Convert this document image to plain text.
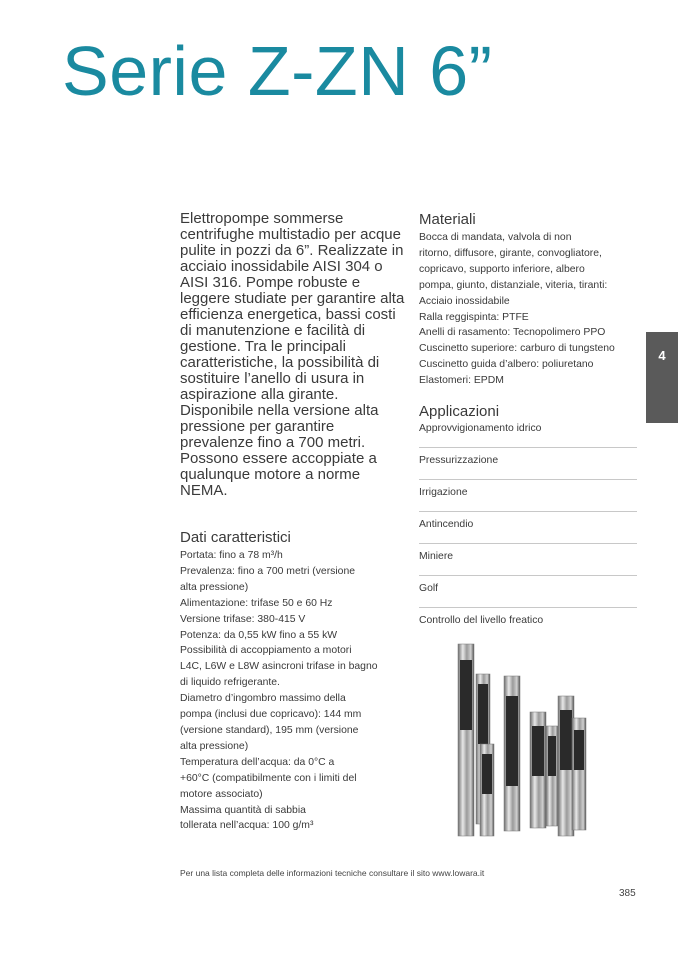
Serie Z-ZN 6”
Elettropompe sommerse centrifughe multistadio per acque pulite in pozzi da 6”. Realizzate in acciaio inossidabile AISI 304 o AISI 316. Pompe robuste e leggere studiate per garantire alta efficienza energetica, bassi costi di manutenzione e facilità di gestione. Tra le principali caratteristiche, la possibilità di sostituire l’anello di usura in aspirazione alla girante. Disponibile nella versione alta pressione per garantire prevalenze fino a 700 metri. Possono essere accoppiate a qualunque motore a norme NEMA.
Dati caratteristici
Portata: fino a 78 m³/h
Prevalenza: fino a 700 metri (versione
alta pressione)
Alimentazione: trifase 50 e 60 Hz
Versione trifase: 380-415 V
Potenza: da 0,55 kW fino a 55 kW
Possibilità di accoppiamento a motori
L4C, L6W e L8W asincroni trifase in bagno
di liquido refrigerante.
Diametro d’ingombro massimo della
pompa (inclusi due copricavo): 144 mm
(versione standard), 195 mm (versione
alta pressione)
Temperatura dell’acqua: da 0°C a
+60°C (compatibilmente con i limiti del
motore associato)
Massima quantità di sabbia
tollerata nell’acqua: 100 g/m³
Materiali
Bocca di mandata, valvola di non
ritorno, diffusore, girante, convogliatore,
copricavo, supporto inferiore, albero
pompa, giunto, distanziale, viteria, tiranti:
Acciaio inossidabile
Ralla reggispinta: PTFE
Anelli di rasamento: Tecnopolimero PPO
Cuscinetto superiore: carburo di tungsteno
Cuscinetto guida d’albero: poliuretano
Elastomeri: EPDM
Applicazioni
Approvvigionamento idrico
Pressurizzazione
Irrigazione
Antincendio
Miniere
Golf
Controllo del livello freatico
4
Per una lista completa delle informazioni tecniche consultare il sito www.lowara.it
385
